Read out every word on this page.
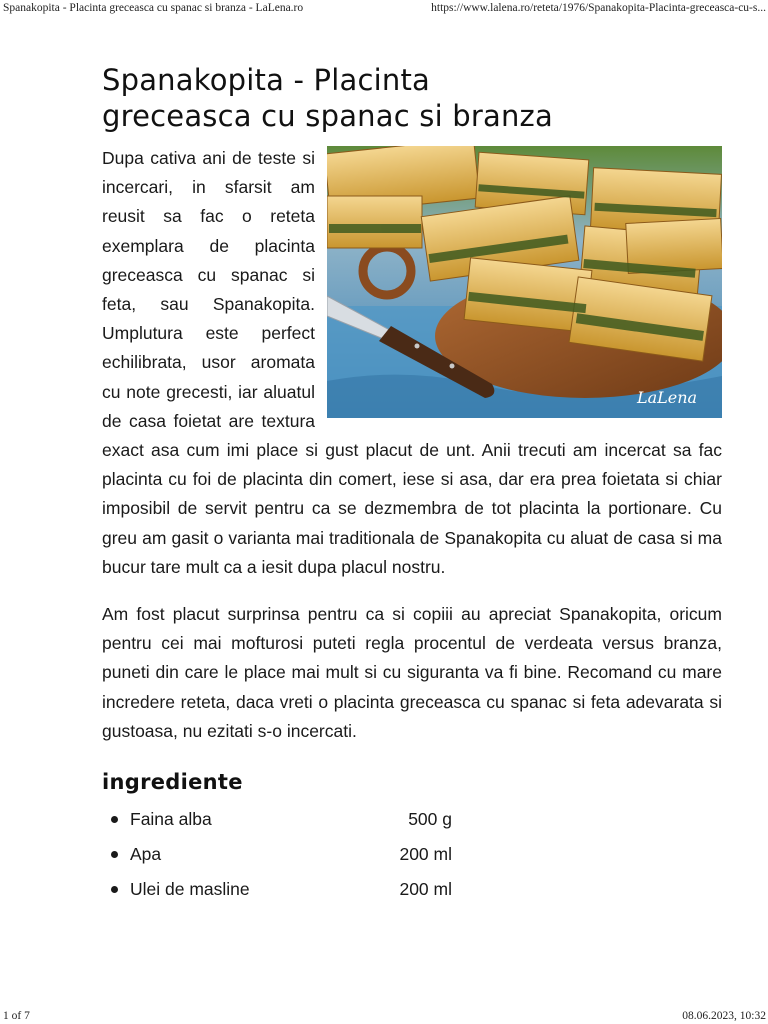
Spanakopita - Placinta greceasca cu spanac si branza - LaLena.ro	https://www.lalena.ro/reteta/1976/Spanakopita-Placinta-greceasca-cu-s...
Spanakopita - Placinta
greceasca cu spanac si branza
LaLena

Dupa cativa ani de teste si incercari, in sfarsit am reusit sa fac o reteta exemplara de placinta greceasca cu spanac si feta, sau Spanakopita. Umplutura este perfect echilibrata, usor aromata cu note grecesti, iar aluatul de casa foietat are textura exact asa cum imi place si gust placut de unt. Anii trecuti am incercat sa fac placinta cu foi de placinta din comert, iese si asa, dar era prea foietata si chiar imposibil de servit pentru ca se dezmembra de tot placinta la portionare. Cu greu am gasit o varianta mai traditionala de Spanakopita cu aluat de casa si ma bucur tare mult ca a iesit dupa placul nostru.

Am fost placut surprinsa pentru ca si copiii au apreciat Spanakopita, oricum pentru cei mai mofturosi puteti regla procentul de verdeata versus branza, puneti din care le place mai mult si cu siguranta va fi bine. Recomand cu mare incredere reteta, daca vreti o placinta greceasca cu spanac si feta adevarata si gustoasa, nu ezitati s-o incercati.

ingrediente
Faina alba	500 g
Apa	200 ml
Ulei de masline	200 ml
1 of 7	08.06.2023, 10:32
